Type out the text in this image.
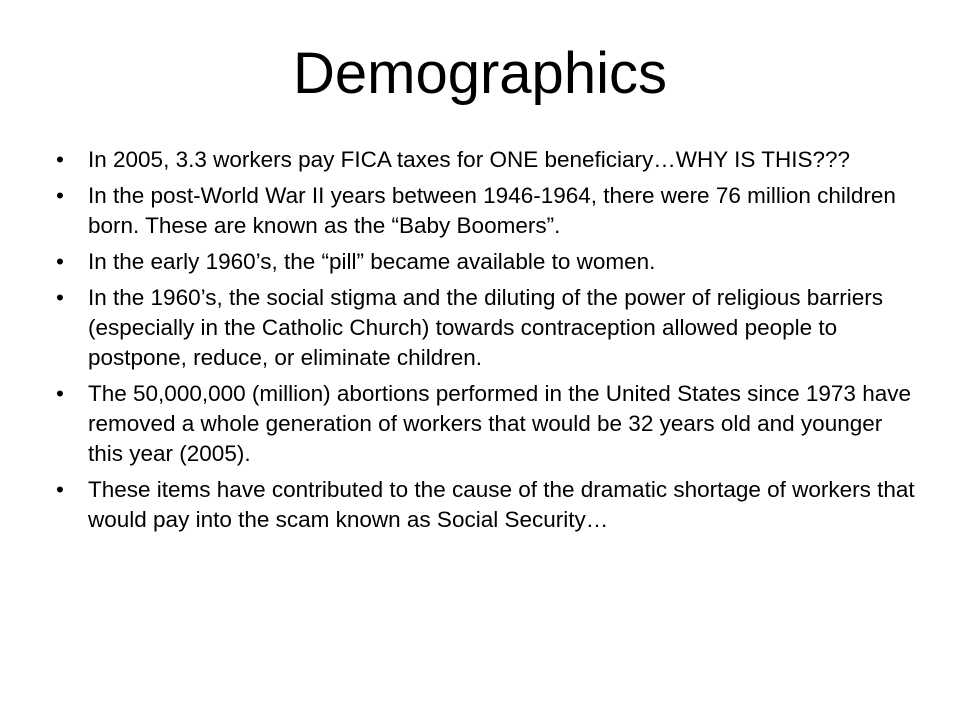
Demographics
•	In 2005, 3.3 workers pay FICA taxes for ONE beneficiary…WHY IS THIS???
•	In the post-World War II years between 1946-1964, there were 76 million children born. These are known as the “Baby Boomers”.
•	In the early 1960’s, the “pill” became available to women.
•	In the 1960’s, the social stigma and the diluting of the power of religious barriers (especially in the Catholic Church) towards contraception allowed people to postpone, reduce, or eliminate children.
•	The 50,000,000 (million) abortions performed in the United States since 1973 have removed a whole generation of workers that would be 32 years old and younger this year (2005).
•	These items have contributed to the cause of the dramatic shortage of workers that would pay into the scam known as Social Security…
